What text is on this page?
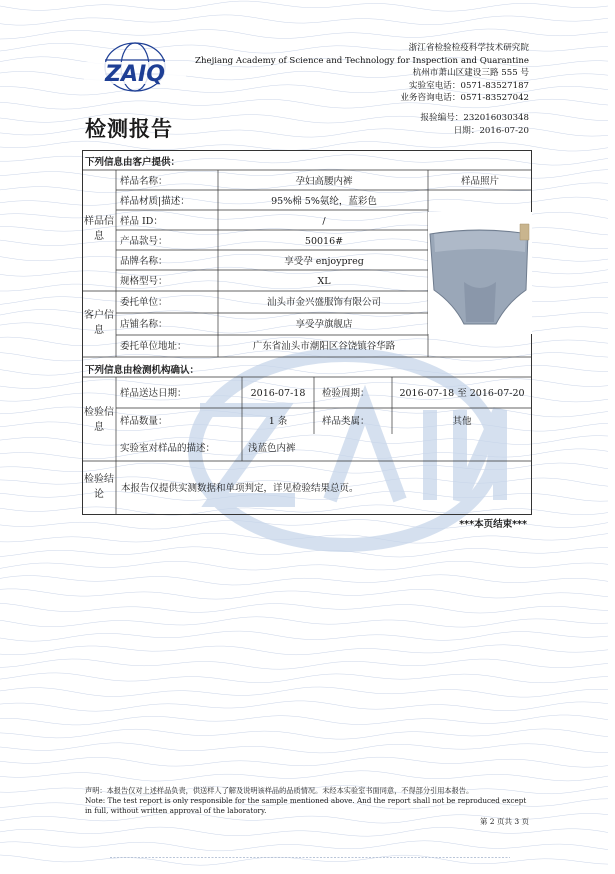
ZAIQ
浙江省检验检疫科学技术研究院
Zhejiang Academy of Science and Technology for Inspection and Quarantine
杭州市萧山区建设三路 555 号
实验室电话：0571-83527187
业务咨询电话：0571-83527042
检测报告	报验编号：232016030348
日期：2016-07-20
下列信息由客户提供：
样品信息
样品名称：	孕妇高腰内裤
样品材质|描述：	95%棉 5%氨纶，蓝彩色
样品 ID：	/
产品款号：	50016#
品牌名称：	享受孕 enjoypreg
规格型号：	XL
样品照片
客户信息
委托单位：	汕头市金兴盛服饰有限公司
店铺名称：	享受孕旗舰店
委托单位地址：	广东省汕头市潮阳区谷饶镇谷华路
下列信息由检测机构确认：
检验信息
样品送达日期：	2016-07-18	检验周期：	2016-07-18 至 2016-07-20
样品数量：	1 条	样品类属：	其他
实验室对样品的描述：	浅蓝色内裤
检验结论
本报告仅提供实测数据和单项判定，详见检验结果总页。
***本页结束***
声明：本报告仅对上述样品负责，供送样人了解及说明该样品的品质情况。未经本实验室书面同意，不得部分引用本报告。
Note: The test report is only responsible for the sample mentioned above. And the report shall not be reproduced except in full, without written approval of the laboratory.
第 2 页共 3 页
